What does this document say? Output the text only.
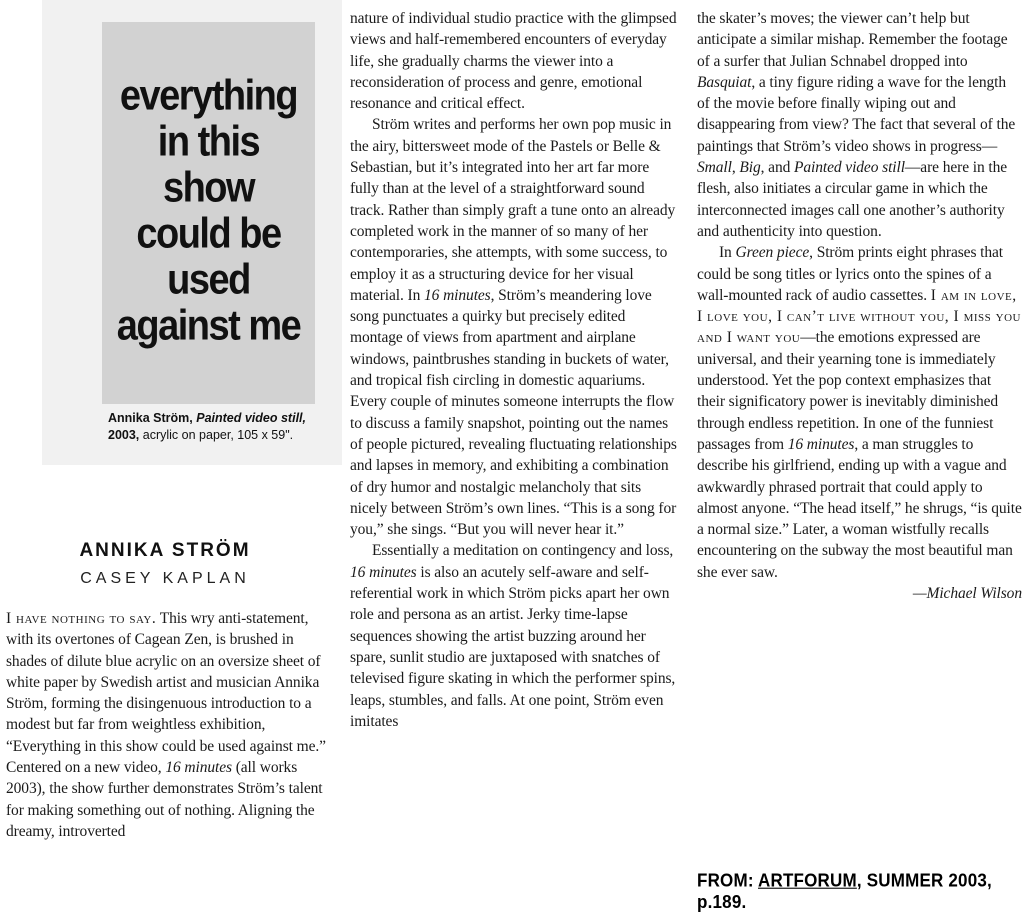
everything
in this
show
could be
used
against me
Annika Ström, Painted video still,
2003, acrylic on paper, 105 x 59".
ANNIKA STRÖM
CASEY KAPLAN

I have nothing to say. This wry anti-statement, with its overtones of Cagean Zen, is brushed in shades of dilute blue acrylic on an oversize sheet of white paper by Swedish artist and musician Annika Ström, forming the disingenuous introduction to a modest but far from weightless exhibition, “Everything in this show could be used against me.” Centered on a new video, 16 minutes (all works 2003), the show further demonstrates Ström’s talent for making something out of nothing. Aligning the dreamy, introverted

nature of individual studio practice with the glimpsed views and half-remembered encounters of everyday life, she gradually charms the viewer into a reconsideration of process and genre, emotional resonance and critical effect.

Ström writes and performs her own pop music in the airy, bittersweet mode of the Pastels or Belle & Sebastian, but it’s integrated into her art far more fully than at the level of a straightforward sound track. Rather than simply graft a tune onto an already completed work in the manner of so many of her contemporaries, she attempts, with some success, to employ it as a structuring device for her visual material. In 16 minutes, Ström’s meandering love song punctuates a quirky but precisely edited montage of views from apartment and airplane windows, paintbrushes standing in buckets of water, and tropical fish circling in domestic aquariums. Every couple of minutes someone interrupts the flow to discuss a family snapshot, pointing out the names of people pictured, revealing fluctuating relationships and lapses in memory, and exhibiting a combination of dry humor and nostalgic melancholy that sits nicely between Ström’s own lines. “This is a song for you,” she sings. “But you will never hear it.”

Essentially a meditation on contingency and loss, 16 minutes is also an acutely self-aware and self-referential work in which Ström picks apart her own role and persona as an artist. Jerky time-lapse sequences showing the artist buzzing around her spare, sunlit studio are juxtaposed with snatches of televised figure skating in which the performer spins, leaps, stumbles, and falls. At one point, Ström even imitates

the skater’s moves; the viewer can’t help but anticipate a similar mishap. Remember the footage of a surfer that Julian Schnabel dropped into Basquiat, a tiny figure riding a wave for the length of the movie before finally wiping out and disappearing from view? The fact that several of the paintings that Ström’s video shows in progress—Small, Big, and Painted video still—are here in the flesh, also initiates a circular game in which the interconnected images call one another’s authority and authenticity into question.

In Green piece, Ström prints eight phrases that could be song titles or lyrics onto the spines of a wall-mounted rack of audio cassettes. I am in love, I love you, I can’t live without you, I miss you and I want you—the emotions expressed are universal, and their yearning tone is immediately understood. Yet the pop context emphasizes that their significatory power is inevitably diminished through endless repetition. In one of the funniest passages from 16 minutes, a man struggles to describe his girlfriend, ending up with a vague and awkwardly phrased portrait that could apply to almost anyone. “The head itself,” he shrugs, “is quite a normal size.” Later, a woman wistfully recalls encountering on the subway the most beautiful man she ever saw.

—Michael Wilson

FROM: ARTFORUM, SUMMER 2003, p.189.
